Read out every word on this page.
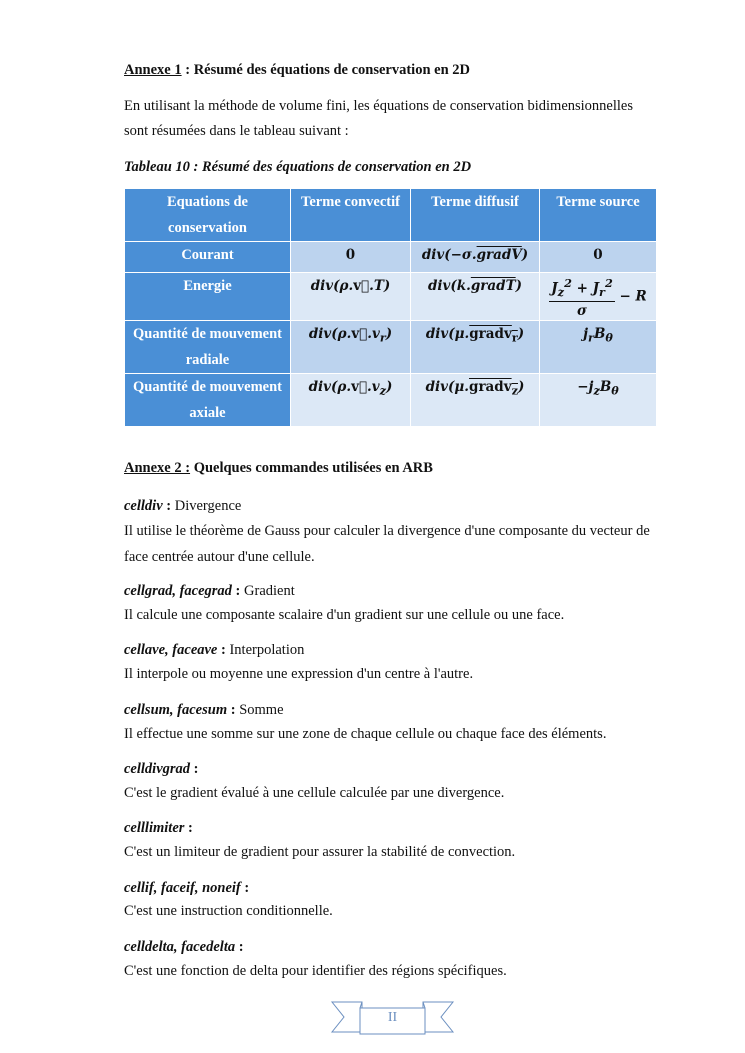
Annexe 1 : Résumé des équations de conservation en 2D
En utilisant la méthode de volume fini, les équations de conservation bidimensionnelles sont résumées dans le tableau suivant :
Tableau 10 : Résumé des équations de conservation en 2D
Equations de conservation	Terme convectif	Terme diffusif	Terme source
Courant	0	div(−σ.gradV)	0
Energie	div(ρ.v⃗.T)	div(k.gradT)	$\frac{J_z^2 + J_r^2}{\sigma} - R$
Quantité de mouvement radiale	$div(\rho.v⃗.v_r)$	div(μ.gradv$_r$)	$j_rB_\theta$
Quantité de mouvement axiale	$div(\rho.v⃗.v_z)$	div(μ.gradv$_z$)	$-j_zB_\theta$
Annexe 2 : Quelques commandes utilisées en ARB
celldiv : Divergence
Il utilise le théorème de Gauss pour calculer la divergence d'une composante du vecteur de face centrée autour d'une cellule.
cellgrad, facegrad : Gradient
Il calcule une composante scalaire d'un gradient sur une cellule ou une face.
cellave, faceave : Interpolation
Il interpole ou moyenne une expression d'un centre à l'autre.
cellsum, facesum : Somme
Il effectue une somme sur une zone de chaque cellule ou chaque face des éléments.
celldivgrad :
C'est le gradient évalué à une cellule calculée par une divergence.
celllimiter :
C'est un limiteur de gradient pour assurer la stabilité de convection.
cellif, faceif, noneif :
C'est une instruction conditionnelle.
celldelta, facedelta :
C'est une fonction de delta pour identifier des régions spécifiques.
II
